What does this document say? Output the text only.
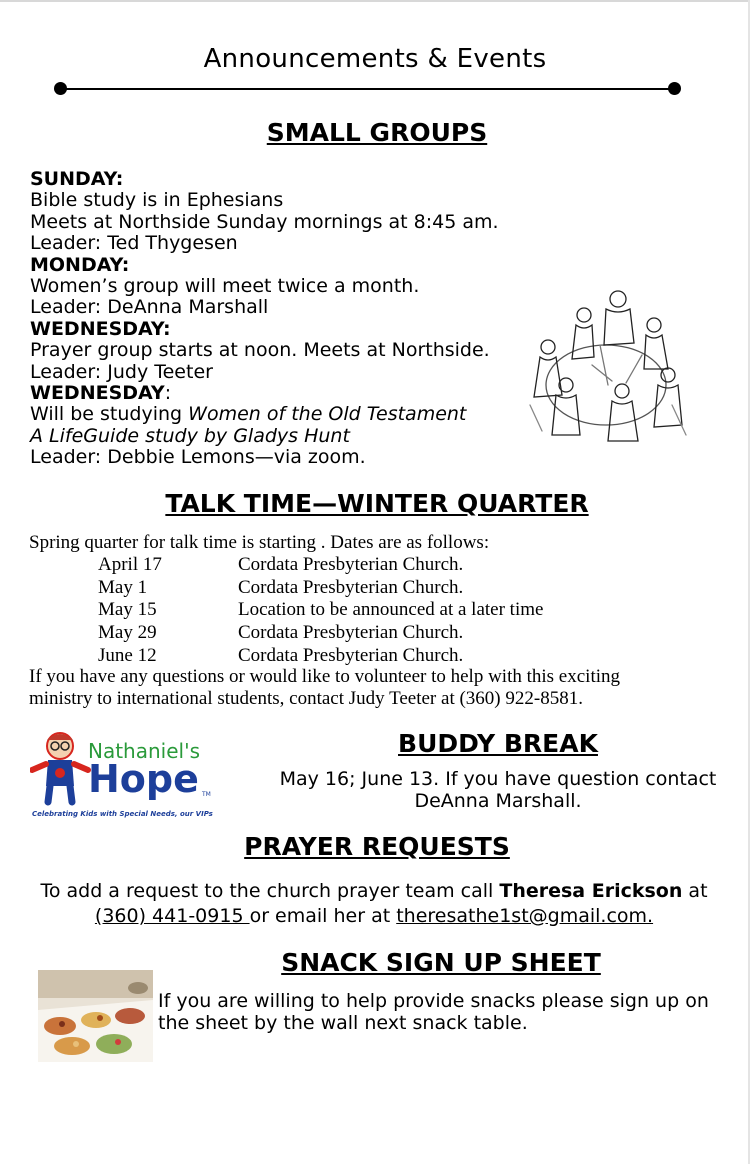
Announcements & Events
SMALL GROUPS
SUNDAY:
Bible study is in Ephesians
Meets at Northside Sunday mornings at 8:45 am.
Leader: Ted Thygesen
MONDAY:
Women’s group will meet twice a month.
Leader: DeAnna Marshall
WEDNESDAY:
Prayer group starts at noon. Meets at Northside.
Leader: Judy Teeter
WEDNESDAY:
Will be studying Women of the Old Testament
A LifeGuide study by Gladys Hunt
Leader: Debbie Lemons—via zoom.
TALK TIME—WINTER QUARTER
Spring quarter for talk time is starting . Dates are as follows:
April 17	Cordata Presbyterian Church.
May 1	Cordata Presbyterian Church.
May 15	Location to be announced at a later time
May 29	Cordata Presbyterian Church.
June 12	Cordata Presbyterian Church.
If you have any questions or would like to volunteer to help with this exciting
ministry to international students, contact Judy Teeter at (360) 922-8581.
Nathaniel's
Hope TM
Celebrating Kids with Special Needs, our VIPs
BUDDY BREAK
May 16; June 13. If you have question contact
DeAnna Marshall.
PRAYER REQUESTS
To add a request to the church prayer team call Theresa Erickson at
(360) 441-0915 or email her at theresathe1st@gmail.com.
SNACK SIGN UP SHEET
If you are willing to help provide snacks please sign up on
the sheet by the wall next snack table.
